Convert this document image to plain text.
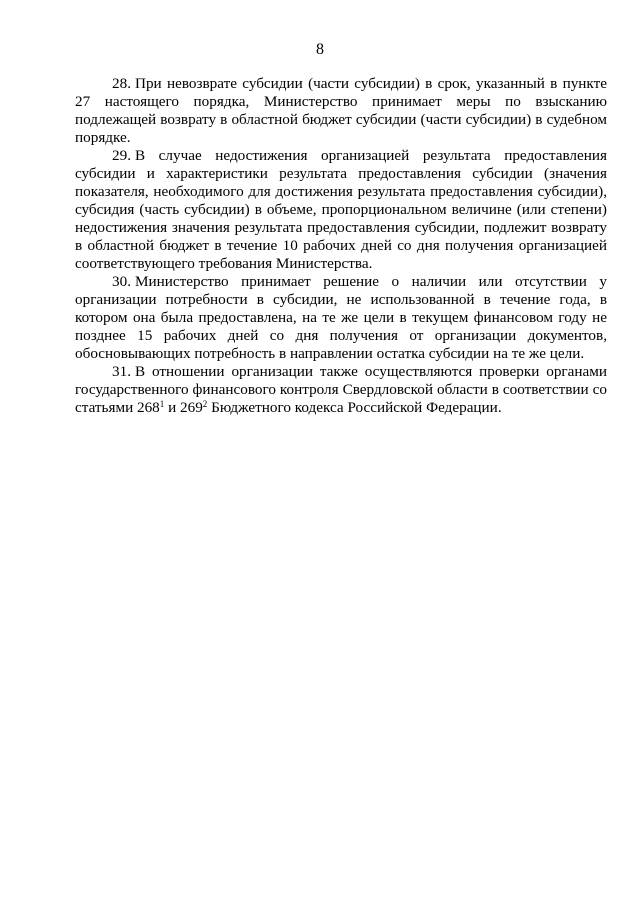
8

28. При невозврате субсидии (части субсидии) в срок, указанный в пункте 27 настоящего порядка, Министерство принимает меры по взысканию подлежащей возврату в областной бюджет субсидии (части субсидии) в судебном порядке.

29. В случае недостижения организацией результата предоставления субсидии и характеристики результата предоставления субсидии (значения показателя, необходимого для достижения результата предоставления субсидии), субсидия (часть субсидии) в объеме, пропорциональном величине (или степени) недостижения значения результата предоставления субсидии, подлежит возврату в областной бюджет в течение 10 рабочих дней со дня получения организацией соответствующего требования Министерства.

30. Министерство принимает решение о наличии или отсутствии у организации потребности в субсидии, не использованной в течение года, в котором она была предоставлена, на те же цели в текущем финансовом году не позднее 15 рабочих дней со дня получения от организации документов, обосновывающих потребность в направлении остатка субсидии на те же цели.

31. В отношении организации также осуществляются проверки органами государственного финансового контроля Свердловской области в соответствии со статьями $268^1$ и $269^2$ Бюджетного кодекса Российской Федерации.
